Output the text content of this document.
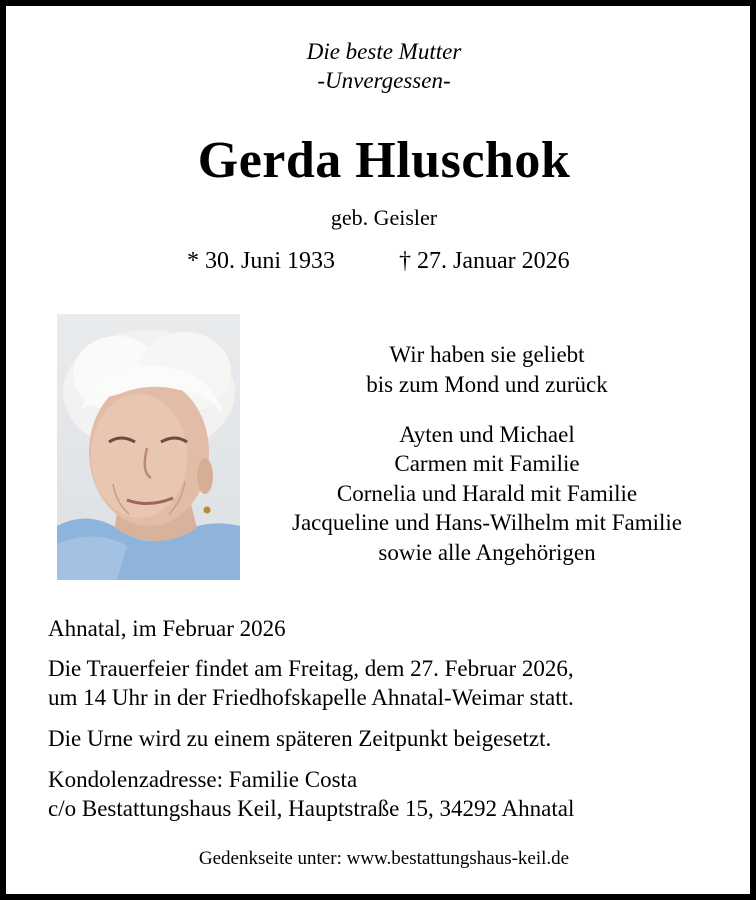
Die beste Mutter
-Unvergessen-
Gerda Hluschok
geb. Geisler
* 30. Juni 1933	† 27. Januar 2026
Wir haben sie geliebt
bis zum Mond und zurück
Ayten und Michael
Carmen mit Familie
Cornelia und Harald mit Familie
Jacqueline und Hans-Wilhelm mit Familie
sowie alle Angehörigen
Ahnatal, im Februar 2026
Die Trauerfeier findet am Freitag, dem 27. Februar 2026,
um 14 Uhr in der Friedhofskapelle Ahnatal-Weimar statt.
Die Urne wird zu einem späteren Zeitpunkt beigesetzt.
Kondolenzadresse: Familie Costa
c/o Bestattungshaus Keil, Hauptstraße 15, 34292 Ahnatal
Gedenkseite unter: www.bestattungshaus-keil.de
